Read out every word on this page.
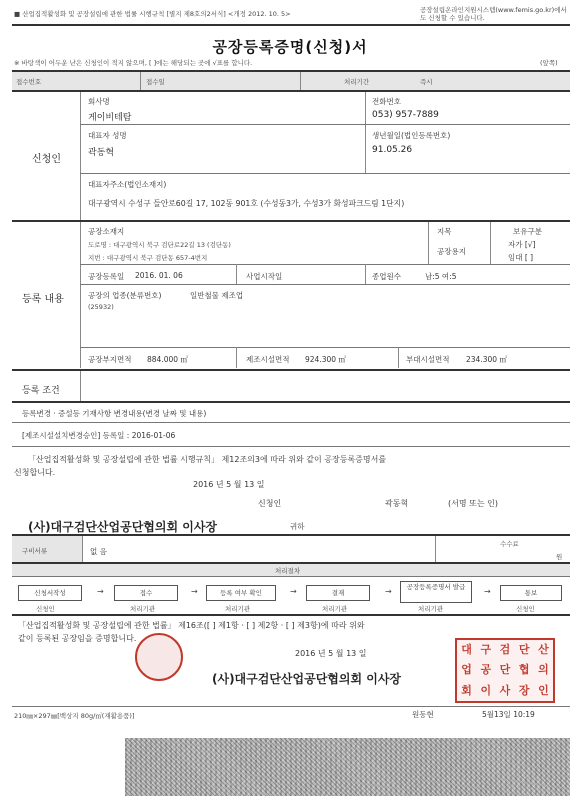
■ 산업집적활성화 및 공장설립에 관한 법률 시행규칙 [별지 제8호의2서식] <개정 2012. 10. 5>	공장설립온라인지원시스템(www.femis.go.kr)에서도 신청할 수 있습니다.
공장등록증명(신청)서
※ 바탕색이 어두운 난은 신청인이 적지 않으며, [ ]에는 해당되는 곳에 √표를 합니다.	(앞쪽)
접수번호	접수일	처리기간	즉시
신청인
회사명
게이비테탐
전화번호
053) 957-7889
대표자 성명
곽동혁
생년월일(법인등록번호)
91.05.26
대표자주소(법인소재지)
대구광역시 수성구 들안로60길 17, 102동 901호 (수성동3가, 수성3가 화성파크드림 1단지)
등록 내용
공장소재지
도로명 : 대구광역시 북구 검단로22길 13 (검단동)
지번 : 대구광역시 북구 검단동 657-4번지
지목
공장용지
보유구분
자가 [√]
임대 [ ]
공장등록일 2016. 01. 06	사업시작일	종업원수	남:5 여:5
공장의 업종(분류번호)	일반철물 제조업
(25932)
공장부지면적 884.000 ㎡	제조시설면적 924.300 ㎡	부대시설면적 234.300 ㎡
등록 조건
등록변경 · 증설등 기재사항 변경내용(변경 날짜 및 내용)
[제조시설설치변경승인] 등록일 : 2016-01-06
「산업집적활성화 및 공장설립에 관한 법률 시행규칙」 제12조의3에 따라 위와 같이 공장등록증명서를
신청합니다.
2016 년 5 월 13 일
신청인	곽동혁	(서명 또는 인)
(사)대구검단산업공단협의회 이사장	귀하
구비서류	없 음
수수료
원
처리절차
신청서작성	→	접수	→	등록 여부 확인	→	결재	→	공장등록증명서 발급	→	통보
신청인	처리기관	처리기관	처리기관	처리기관	신청인
「산업집적활성화 및 공장설립에 관한 법률」 제16조([ ] 제1항 · [ ] 제2항 · [ ] 제3항)에 따라 위와
같이 등록된 공장임을 증명합니다.
2016 년 5 월 13 일
(사)대구검단산업공단협의회 이사장
대 구 검 단 산
업 공 단 협 의
회 이 사 장 인
210㎜×297㎜[백상지 80g/㎡(재활용품)]	원동현	5월13일 10:19
